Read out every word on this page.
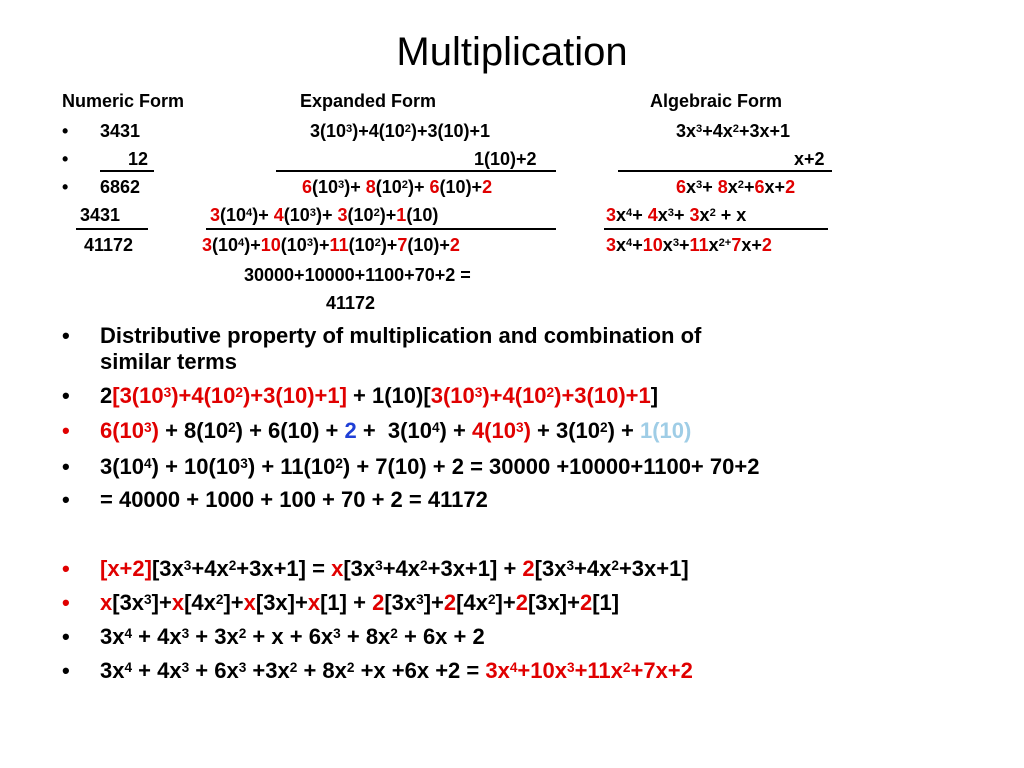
Multiplication
Numeric Form	Expanded Form	Algebraic Form
• 3431	$3(10^3)+4(10^2)+3(10)+1$	$3x^3+4x^2+3x+1$
•	12	1(10)+2	x+2
• 6862	$6(10^3)+ 8(10^2)+ 6(10)+2$	$6x^3+ 8x^2+6x+2$
3431	$3(10^4)+ 4(10^3)+ 3(10^2)+1(10)$	$3x^4+ 4x^3+ 3x^2 + x$
41172	$3(10^4)+10(10^3)+11(10^2)+7(10)+2$	$3x^4+10x^3+11x^{2+}7x+2$
30000+10000+1100+70+2 =
41172
• Distributive property of multiplication and combination of
similar terms
• $2[3(10^3)+4(10^2)+3(10)+1] + 1(10)[3(10^3)+4(10^2)+3(10)+1]$
• $6(10^3) + 8(10^2) + 6(10) + 2 + 3(10^4) + 4(10^3) + 3(10^2) + 1(10)$
• $3(10^4) + 10(10^3) + 11(10^2) + 7(10) + 2 = 30000 +10000+1100+ 70+2$
• = 40000 + 1000 + 100 + 70 + 2 = 41172
• $[x+2][3x^3+4x^2+3x+1] = x[3x^3+4x^2+3x+1] + 2[3x^3+4x^2+3x+1]$
• $x[3x^3]+x[4x^2]+x[3x]+x[1] + 2[3x^3]+2[4x^2]+2[3x]+2[1]$
• $3x^4 + 4x^3 + 3x^2 + x + 6x^3 + 8x^2 + 6x + 2$
• $3x^4 + 4x^3 + 6x^3 +3x^2 + 8x^2 +x +6x +2 = 3x^4+10x^3+11x^2+7x+2$
